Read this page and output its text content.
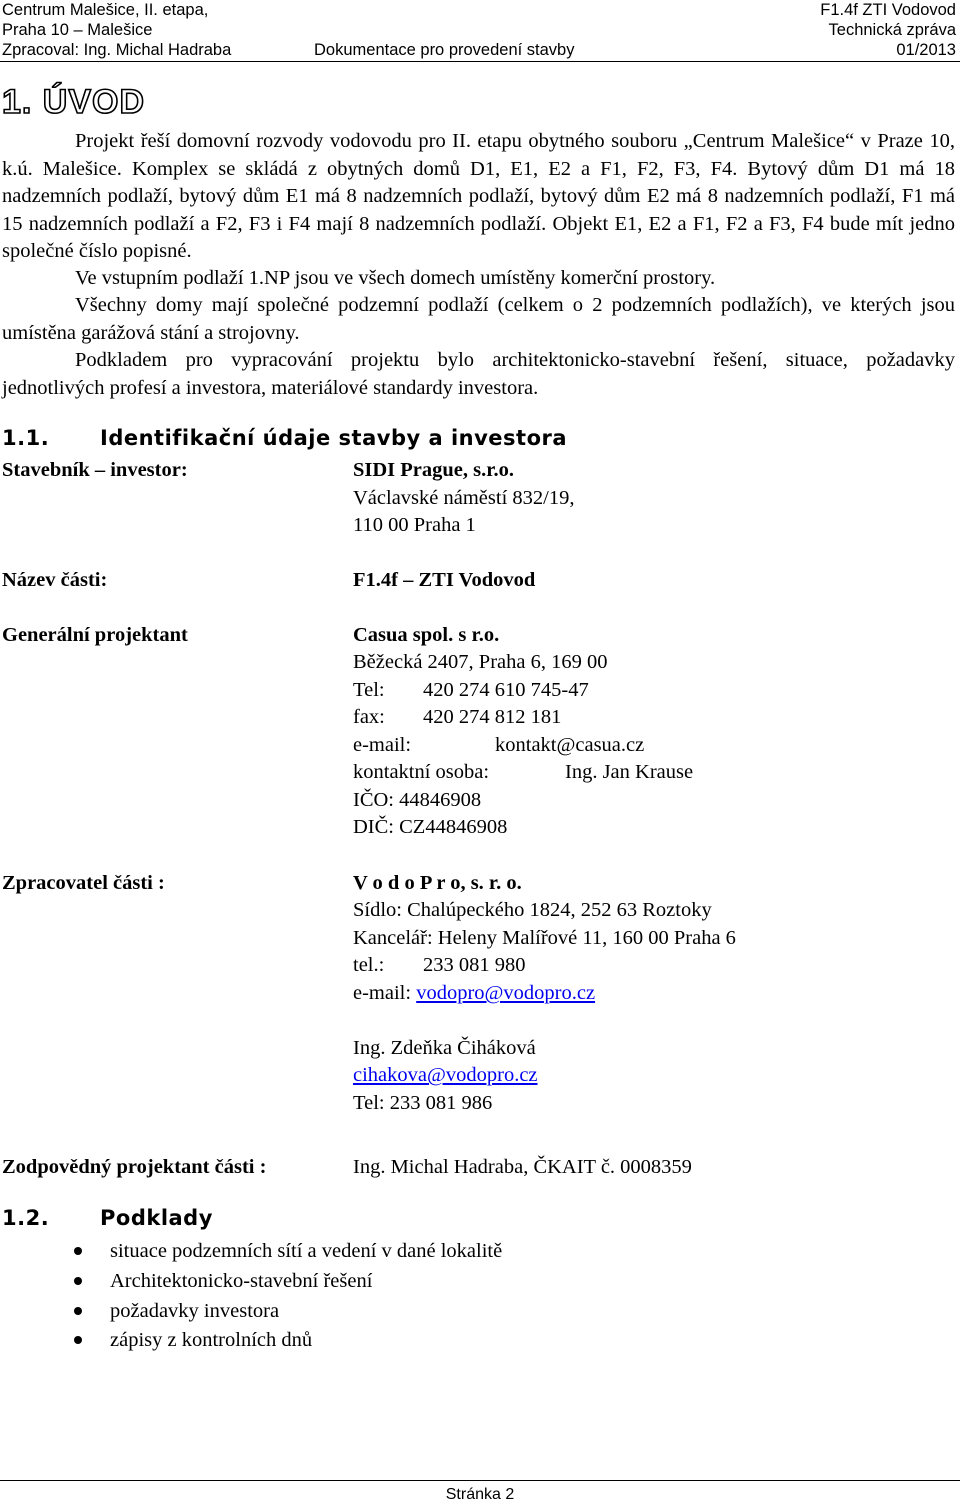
Centrum Malešice, II. etapa,	F1.4f ZTI Vodovod
Praha 10 – Malešice	Technická zpráva
Zpracoval: Ing. Michal Hadraba	Dokumentace pro provedení stavby	01/2013
1. ÚVOD
Projekt řeší domovní rozvody vodovodu pro II. etapu obytného souboru „Centrum Malešice“ v Praze 10, k.ú. Malešice. Komplex se skládá z obytných domů D1, E1, E2 a F1, F2, F3, F4. Bytový dům D1 má 18 nadzemních podlaží, bytový dům E1 má 8 nadzemních podlaží, bytový dům E2 má 8 nadzemních podlaží, F1 má 15 nadzemních podlaží a F2, F3 i F4 mají 8 nadzemních podlaží. Objekt E1, E2 a F1, F2 a F3, F4 bude mít jedno společné číslo popisné.
Ve vstupním podlaží 1.NP jsou ve všech domech umístěny komerční prostory.
Všechny domy mají společné podzemní podlaží (celkem o 2 podzemních podlažích), ve kterých jsou umístěna garážová stání a strojovny.
Podkladem pro vypracování projektu bylo architektonicko-stavební řešení, situace, požadavky jednotlivých profesí a investora, materiálové standardy investora.
1.1. Identifikační údaje stavby a investora
Stavebník – investor:	SIDI Prague, s.r.o.
Václavské náměstí 832/19,
110 00 Praha 1
Název části:	F1.4f – ZTI Vodovod
Generální projektant	Casua spol. s r.o.
Běžecká 2407, Praha 6, 169 00
Tel: 420 274 610 745-47
fax: 420 274 812 181
e-mail:	kontakt@casua.cz
kontaktní osoba:	Ing. Jan Krause
IČO: 44846908
DIČ: CZ44846908
Zpracovatel části :	V o d o P r o, s. r. o.
Sídlo: Chalúpeckého 1824, 252 63 Roztoky
Kancelář: Heleny Malířové 11, 160 00 Praha 6
tel.: 233 081 980
e-mail: vodopro@vodopro.cz
Ing. Zdeňka Čiháková
cihakova@vodopro.cz
Tel: 233 081 986
Zodpovědný projektant části :	Ing. Michal Hadraba, ČKAIT č. 0008359
1.2. Podklady
situace podzemních sítí a vedení v dané lokalitě
Architektonicko-stavební řešení
požadavky investora
zápisy z kontrolních dnů
Stránka 2
